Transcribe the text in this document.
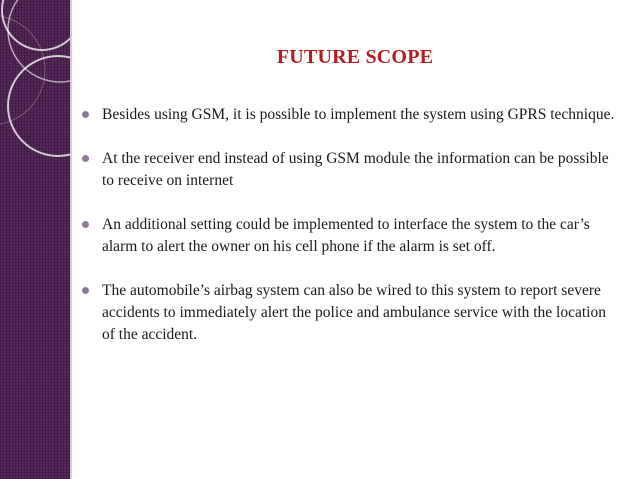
FUTURE SCOPE
Besides using GSM, it is possible to implement the system using GPRS technique.
At the receiver end instead of using GSM module the information can be possible to receive on internet
An additional setting could be implemented to interface the system to the car’s alarm to alert the owner on his cell phone if the alarm is set off.
The automobile’s airbag system can also be wired to this system to report severe accidents to immediately alert the police and ambulance service with the location of the accident.
